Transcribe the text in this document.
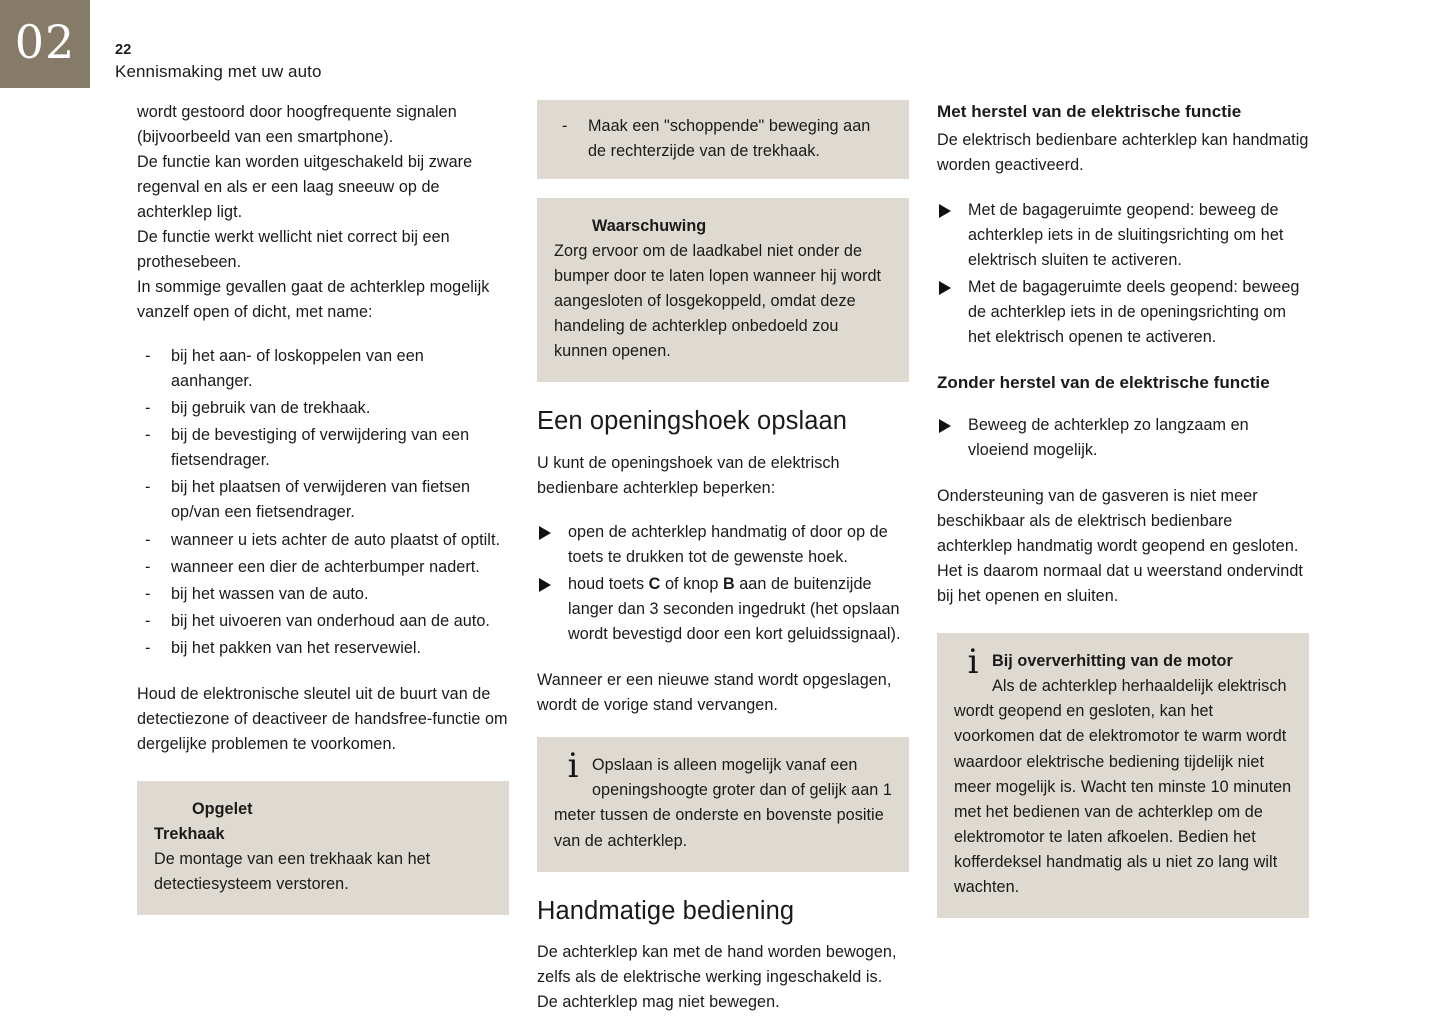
02	22
Kennismaking met uw auto

wordt gestoord door hoogfrequente signalen (bijvoorbeeld van een smartphone).

De functie kan worden uitgeschakeld bij zware regenval en als er een laag sneeuw op de achterklep ligt.

De functie werkt wellicht niet correct bij een prothesebeen.

In sommige gevallen gaat de achterklep mogelijk vanzelf open of dicht, met name:

- bij het aan- of loskoppelen van een aanhanger.
- bij gebruik van de trekhaak.
- bij de bevestiging of verwijdering van een fietsendrager.
- bij het plaatsen of verwijderen van fietsen op/van een fietsendrager.
- wanneer u iets achter de auto plaatst of optilt.
- wanneer een dier de achterbumper nadert.
- bij het wassen van de auto.
- bij het uivoeren van onderhoud aan de auto.
- bij het pakken van het reservewiel.

Houd de elektronische sleutel uit de buurt van de detectiezone of deactiveer de handsfree-functie om dergelijke problemen te voorkomen.

Opgelet
Trekhaak
De montage van een trekhaak kan het detectiesysteem verstoren.
- Maak een "schoppende" beweging aan de rechterzijde van de trekhaak.
Waarschuwing
Zorg ervoor om de laadkabel niet onder de bumper door te laten lopen wanneer hij wordt aangesloten of losgekoppeld, omdat deze handeling de achterklep onbedoeld zou kunnen openen.
Een openingshoek opslaan

U kunt de openingshoek van de elektrisch bedienbare achterklep beperken:

open de achterklep handmatig of door op de toets te drukken tot de gewenste hoek.
houd toets C of knop B aan de buitenzijde langer dan 3 seconden ingedrukt (het opslaan wordt bevestigd door een kort geluidssignaal).

Wanneer er een nieuwe stand wordt opgeslagen, wordt de vorige stand vervangen.

i Opslaan is alleen mogelijk vanaf een openingshoogte groter dan of gelijk aan 1 meter tussen de onderste en bovenste positie van de achterklep.
Handmatige bediening

De achterklep kan met de hand worden bewogen, zelfs als de elektrische werking ingeschakeld is.

De achterklep mag niet bewegen.

Met herstel van de elektrische functie

De elektrisch bedienbare achterklep kan handmatig worden geactiveerd.

Met de bagageruimte geopend: beweeg de achterklep iets in de sluitingsrichting om het elektrisch sluiten te activeren.
Met de bagageruimte deels geopend: beweeg de achterklep iets in de openingsrichting om het elektrisch openen te activeren.
Zonder herstel van de elektrische functie
Beweeg de achterklep zo langzaam en vloeiend mogelijk.

Ondersteuning van de gasveren is niet meer beschikbaar als de elektrisch bedienbare achterklep handmatig wordt geopend en gesloten. Het is daarom normaal dat u weerstand ondervindt bij het openen en sluiten.

i Bij oververhitting van de motor
Als de achterklep herhaaldelijk elektrisch wordt geopend en gesloten, kan het voorkomen dat de elektromotor te warm wordt waardoor elektrische bediening tijdelijk niet meer mogelijk is. Wacht ten minste 10 minuten met het bedienen van de achterklep om de elektromotor te laten afkoelen. Bedien het kofferdeksel handmatig als u niet zo lang wilt wachten.
